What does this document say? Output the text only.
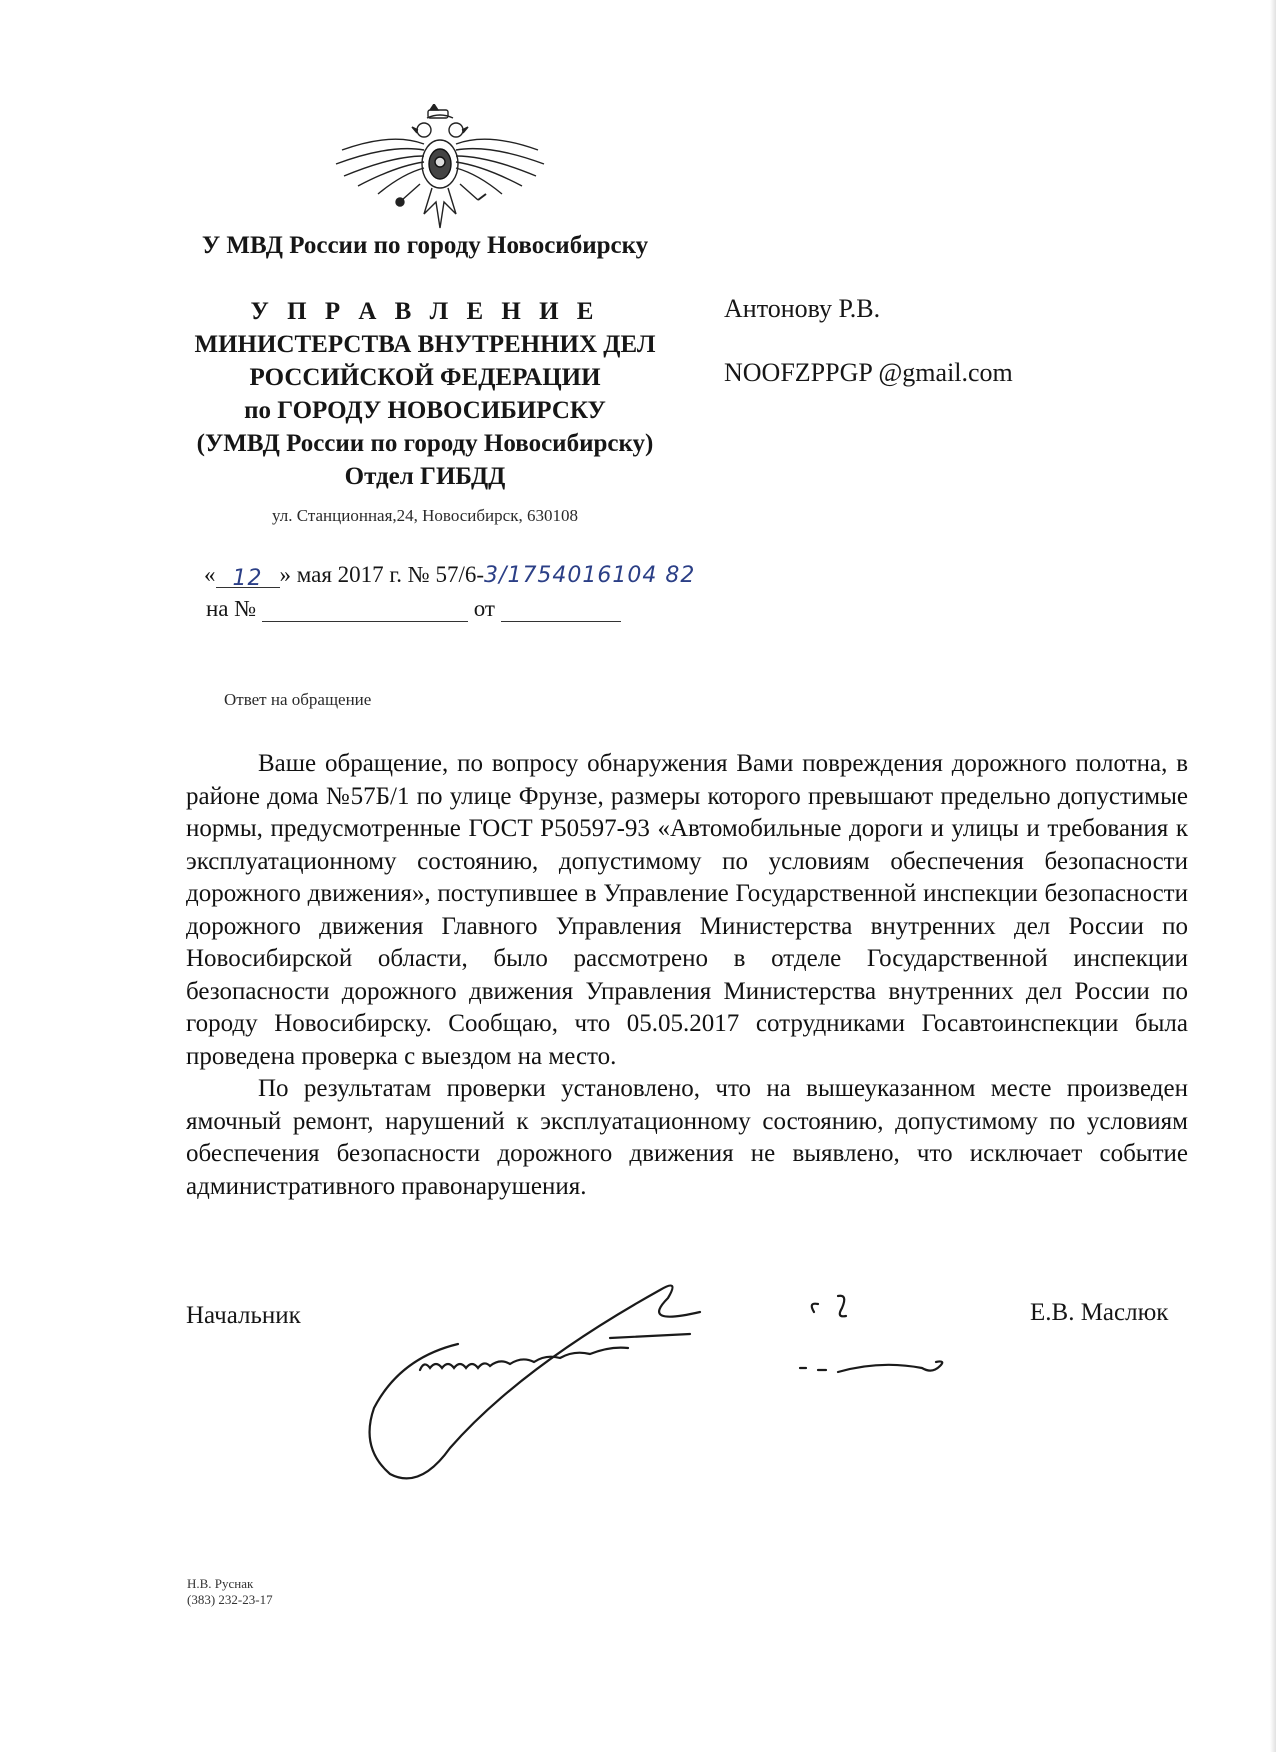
У МВД России по городу Новосибирску
У П Р А В Л Е Н И Е
МИНИСТЕРСТВА ВНУТРЕННИХ ДЕЛ
РОССИЙСКОЙ ФЕДЕРАЦИИ
по ГОРОДУ НОВОСИБИРСКУ
(УМВД России по городу Новосибирску)
Отдел ГИБДД
ул. Станционная,24, Новосибирск, 630108
Антонову Р.В.
NOOFZPPGP @gmail.com
« 12 » мая 2017 г. № 57/6-3/1754016104 82
на №	от
Ответ на обращение

Ваше обращение, по вопросу обнаружения Вами повреждения дорожного полотна, в районе дома №57Б/1 по улице Фрунзе, размеры которого превышают предельно допустимые нормы, предусмотренные ГОСТ Р50597-93 «Автомобильные дороги и улицы и требования к эксплуатационному состоянию, допустимому по условиям обеспечения безопасности дорожного движения», поступившее в Управление Государственной инспекции безопасности дорожного движения Главного Управления Министерства внутренних дел России по Новосибирской области, было рассмотрено в отделе Государственной инспекции безопасности дорожного движения Управления Министерства внутренних дел России по городу Новосибирску. Сообщаю, что 05.05.2017 сотрудниками Госавтоинспекции была проведена проверка с выездом на место.

По результатам проверки установлено, что на вышеуказанном месте произведен ямочный ремонт, нарушений к эксплуатационному состоянию, допустимому по условиям обеспечения безопасности дорожного движения не выявлено, что исключает событие административного правонарушения.

Начальник	Е.В. Маслюк
Н.В. Руснак
(383) 232-23-17
